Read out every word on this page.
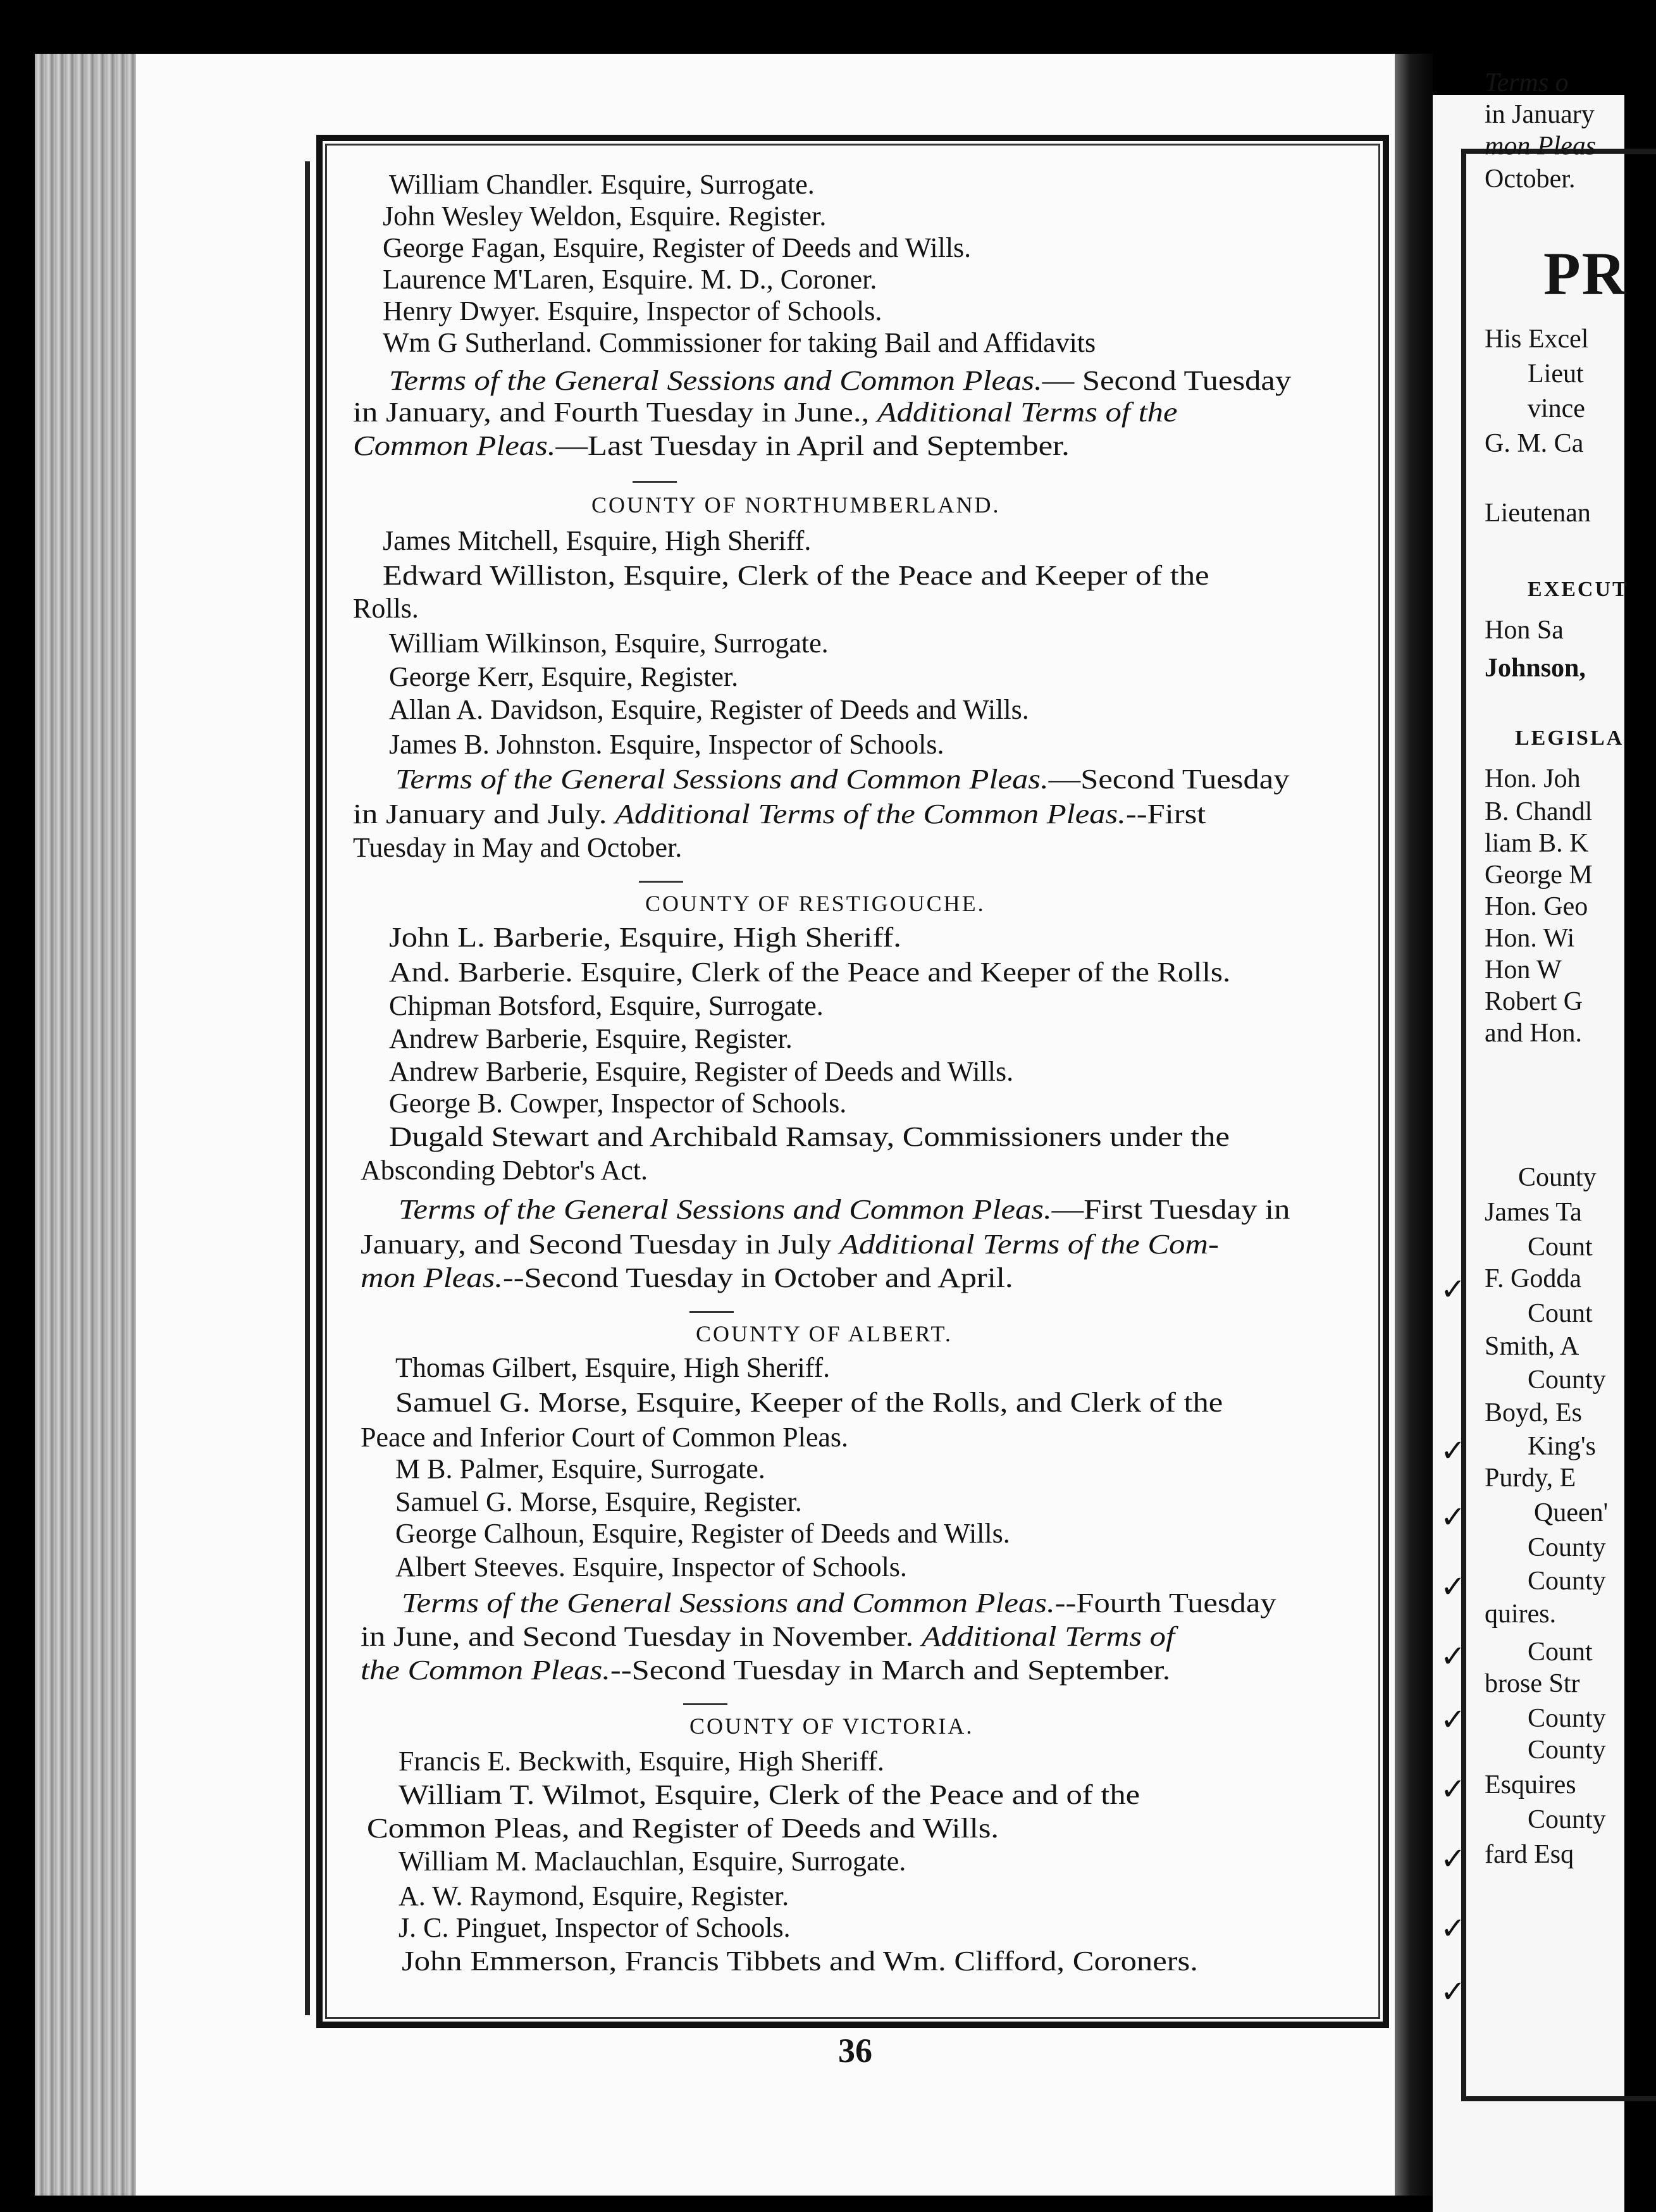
Terms o
in January
mon Pleas
October.
PR
His Excel
Lieut
vince
G. M. Ca
Lieutenan
EXECUT
Hon Sa
Johnson,
LEGISLA
Hon. Joh
B. Chandl
liam B. K
George M
Hon. Geo
Hon. Wi
Hon W
Robert G
and Hon.
County
James Ta
Count
F. Godda
Count
Smith, A
County
Boyd, Es
King's
Purdy, E
Queen'
County
County
quires.
Count
brose Str
County
County
Esquires
County
fard Esq
✓
✓
✓
✓
✓
✓
✓
✓
✓
✓
William Chandler. Esquire, Surrogate.
John Wesley Weldon, Esquire. Register.
George Fagan, Esquire, Register of Deeds and Wills.
Laurence M'Laren, Esquire. M. D., Coroner.
Henry Dwyer. Esquire, Inspector of Schools.
Wm G Sutherland. Commissioner for taking Bail and Affidavits
Terms of the General Sessions and Common Pleas.— Second Tuesday
in January, and Fourth Tuesday in June., Additional Terms of the
Common Pleas.—Last Tuesday in April and September.
COUNTY OF NORTHUMBERLAND.
James Mitchell, Esquire, High Sheriff.
Edward Williston, Esquire, Clerk of the Peace and Keeper of the
Rolls.
William Wilkinson, Esquire, Surrogate.
George Kerr, Esquire, Register.
Allan A. Davidson, Esquire, Register of Deeds and Wills.
James B. Johnston. Esquire, Inspector of Schools.
Terms of the General Sessions and Common Pleas.—Second Tuesday
in January and July. Additional Terms of the Common Pleas.--First
Tuesday in May and October.
COUNTY OF RESTIGOUCHE.
John L. Barberie, Esquire, High Sheriff.
And. Barberie. Esquire, Clerk of the Peace and Keeper of the Rolls.
Chipman Botsford, Esquire, Surrogate.
Andrew Barberie, Esquire, Register.
Andrew Barberie, Esquire, Register of Deeds and Wills.
George B. Cowper, Inspector of Schools.
Dugald Stewart and Archibald Ramsay, Commissioners under the
Absconding Debtor's Act.
Terms of the General Sessions and Common Pleas.—First Tuesday in
January, and Second Tuesday in July Additional Terms of the Com-
mon Pleas.--Second Tuesday in October and April.
COUNTY OF ALBERT.
Thomas Gilbert, Esquire, High Sheriff.
Samuel G. Morse, Esquire, Keeper of the Rolls, and Clerk of the
Peace and Inferior Court of Common Pleas.
M B. Palmer, Esquire, Surrogate.
Samuel G. Morse, Esquire, Register.
George Calhoun, Esquire, Register of Deeds and Wills.
Albert Steeves. Esquire, Inspector of Schools.
Terms of the General Sessions and Common Pleas.--Fourth Tuesday
in June, and Second Tuesday in November. Additional Terms of
the Common Pleas.--Second Tuesday in March and September.
COUNTY OF VICTORIA.
Francis E. Beckwith, Esquire, High Sheriff.
William T. Wilmot, Esquire, Clerk of the Peace and of the
Common Pleas, and Register of Deeds and Wills.
William M. Maclauchlan, Esquire, Surrogate.
A. W. Raymond, Esquire, Register.
J. C. Pinguet, Inspector of Schools.
John Emmerson, Francis Tibbets and Wm. Clifford, Coroners.
36
